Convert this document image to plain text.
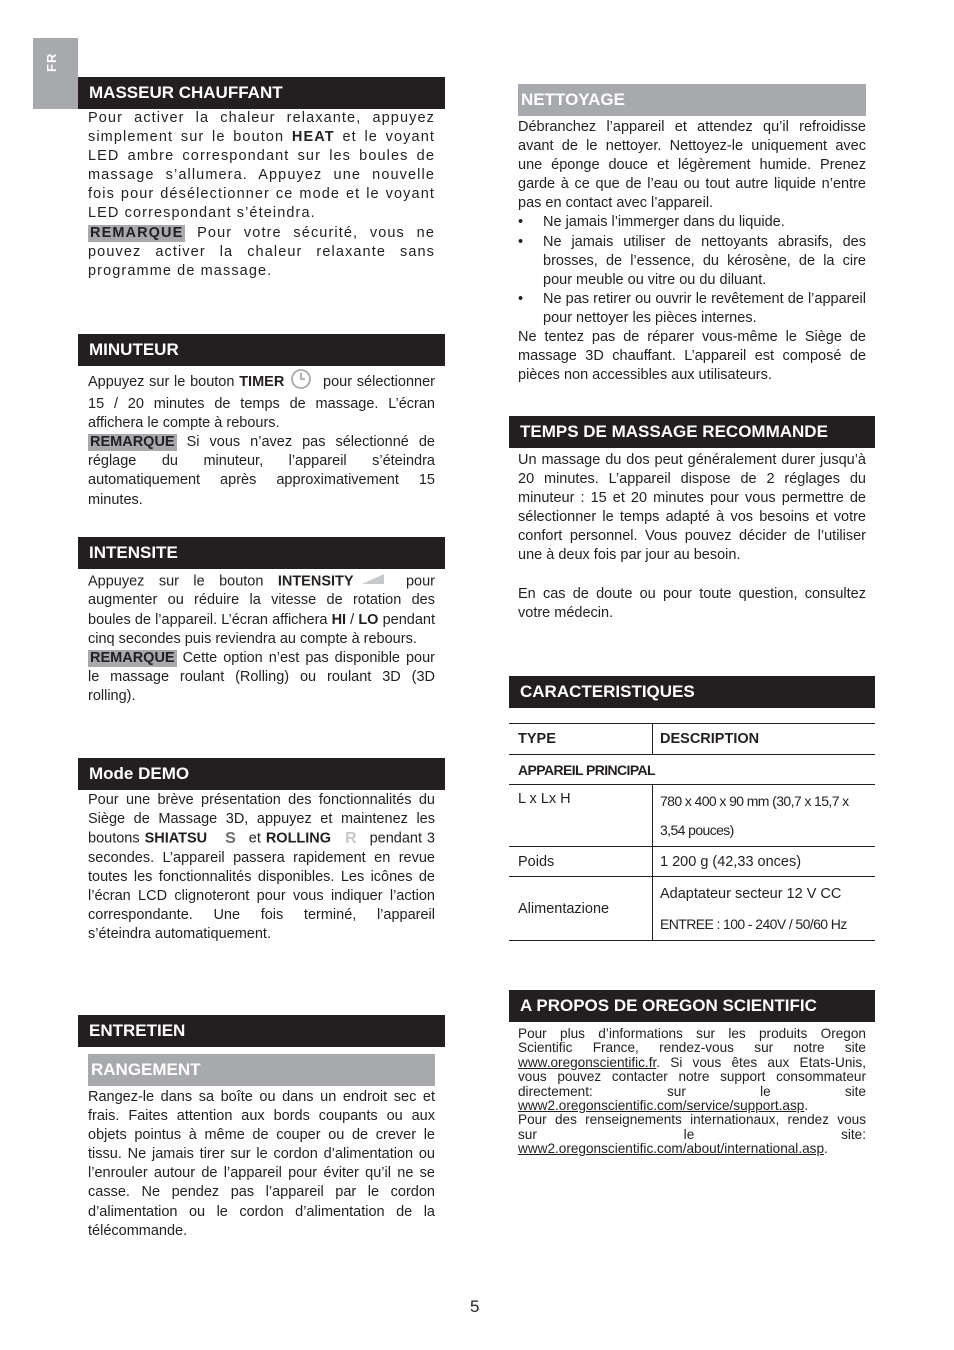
FR
MASSEUR CHAUFFANT

Pour activer la chaleur relaxante, appuyez simplement sur le bouton HEAT et le voyant LED ambre correspondant sur les boules de massage s’allumera. Appuyez une nouvelle fois pour désélectionner ce mode et le voyant LED correspondant s’éteindra.

REMARQUE Pour votre sécurité, vous ne pouvez activer la chaleur relaxante sans programme de massage.

MINUTEUR

Appuyez sur le bouton TIMER pour sélectionner 15 / 20 minutes de temps de massage. L’écran affichera le compte à rebours.

REMARQUE Si vous n’avez pas sélectionné de réglage du minuteur, l’appareil s’éteindra automatiquement après approximativement 15 minutes.

INTENSITE

Appuyez sur le bouton INTENSITY	pour augmenter ou réduire la vitesse de rotation des boules de l’appareil. L’écran affichera HI / LO pendant cinq secondes puis reviendra au compte à rebours.

REMARQUE Cette option n’est pas disponible pour le massage roulant (Rolling) ou roulant 3D (3D rolling).

Mode DEMO

Pour une brève présentation des fonctionnalités du Siège de Massage 3D, appuyez et maintenez les boutons SHIATSU S et ROLLING R pendant 3 secondes. L’appareil passera rapidement en revue toutes les fonctionnalités disponibles. Les icônes de l’écran LCD clignoteront pour vous indiquer l’action correspondante. Une fois terminé, l’appareil s’éteindra automatiquement.

ENTRETIEN
RANGEMENT

Rangez-le dans sa boîte ou dans un endroit sec et frais. Faites attention aux bords coupants ou aux objets pointus à même de couper ou de crever le tissu. Ne jamais tirer sur le cordon d’alimentation ou l’enrouler autour de l’appareil pour éviter qu’il ne se casse. Ne pendez pas l’appareil par le cordon d’alimentation ou le cordon d’alimentation de la télécommande.

NETTOYAGE

Débranchez l’appareil et attendez qu’il refroidisse avant de le nettoyer. Nettoyez-le uniquement avec une éponge douce et légèrement humide. Prenez garde à ce que de l’eau ou tout autre liquide n’entre pas en contact avec l’appareil.

• Ne jamais l’immerger dans du liquide.
• Ne jamais utiliser de nettoyants abrasifs, des brosses, de l’essence, du kérosène, de la cire pour meuble ou vitre ou du diluant.
• Ne pas retirer ou ouvrir le revêtement de l’appareil pour nettoyer les pièces internes.

Ne tentez pas de réparer vous-même le Siège de massage 3D chauffant. L’appareil est composé de pièces non accessibles aux utilisateurs.

TEMPS DE MASSAGE RECOMMANDE

Un massage du dos peut généralement durer jusqu’à 20 minutes. L’appareil dispose de 2 réglages du minuteur : 15 et 20 minutes pour vous permettre de sélectionner le temps adapté à vos besoins et votre confort personnel. Vous pouvez décider de l’utiliser une à deux fois par jour au besoin.

En cas de doute ou pour toute question, consultez votre médecin.

CARACTERISTIQUES
TYPE	DESCRIPTION
APPAREIL PRINCIPAL	
L x Lx H	780 x 400 x 90 mm (30,7 x 15,7 x
3,54 pouces)

Poids	1 200 g (42,33 onces)
Alimentazione	Adaptateur secteur 12 V CC
ENTREE : 100 - 240V / 50/60 Hz
A PROPOS DE OREGON SCIENTIFIC

Pour plus d’informations sur les produits Oregon Scientific France, rendez-vous sur notre site www.oregonscientific.fr. Si vous êtes aux Etats-Unis, vous pouvez contacter notre support consommateur directement: sur le site www2.oregonscientific.com/service/support.asp.

Pour des renseignements internationaux, rendez vous sur le site: www2.oregonscientific.com/about/international.asp.

5
